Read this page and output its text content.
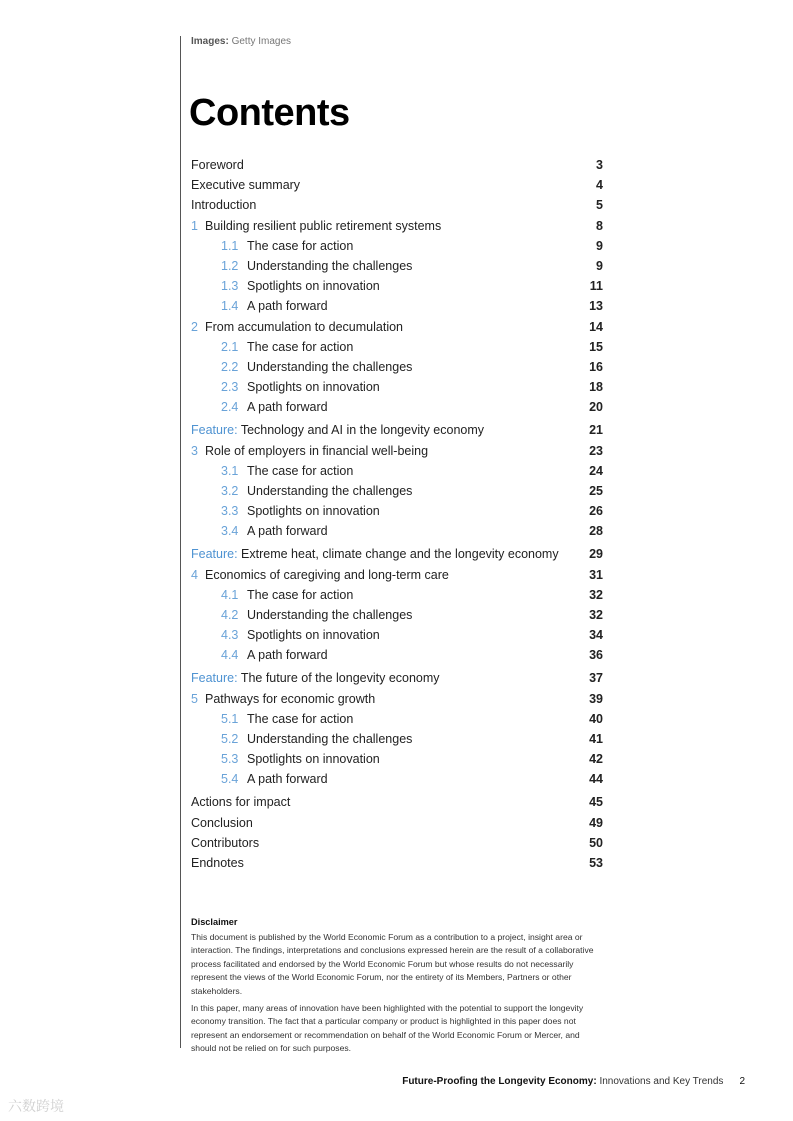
Images: Getty Images
Contents
Foreword	3
Executive summary	4
Introduction	5
1 Building resilient public retirement systems	8
1.1 The case for action	9
1.2 Understanding the challenges	9
1.3 Spotlights on innovation	11
1.4 A path forward	13
2 From accumulation to decumulation	14
2.1 The case for action	15
2.2 Understanding the challenges	16
2.3 Spotlights on innovation	18
2.4 A path forward	20
Feature: Technology and AI in the longevity economy	21
3 Role of employers in financial well-being	23
3.1 The case for action	24
3.2 Understanding the challenges	25
3.3 Spotlights on innovation	26
3.4 A path forward	28
Feature: Extreme heat, climate change and the longevity economy 29
4 Economics of caregiving and long-term care	31
4.1 The case for action	32
4.2 Understanding the challenges	32
4.3 Spotlights on innovation	34
4.4 A path forward	36
Feature: The future of the longevity economy	37
5 Pathways for economic growth	39
5.1 The case for action	40
5.2 Understanding the challenges	41
5.3 Spotlights on innovation	42
5.4 A path forward	44
Actions for impact	45
Conclusion	49
Contributors	50
Endnotes	53
Disclaimer

This document is published by the World Economic Forum as a contribution to a project, insight area or interaction. The findings, interpretations and conclusions expressed herein are the result of a collaborative process facilitated and endorsed by the World Economic Forum but whose results do not necessarily represent the views of the World Economic Forum, nor the entirety of its Members, Partners or other stakeholders.

In this paper, many areas of innovation have been highlighted with the potential to support the longevity economy transition. The fact that a particular company or product is highlighted in this paper does not represent an endorsement or recommendation on behalf of the World Economic Forum or Mercer, and should not be relied on for such purposes.

Future-Proofing the Longevity Economy: Innovations and Key Trends 2
六数跨境
